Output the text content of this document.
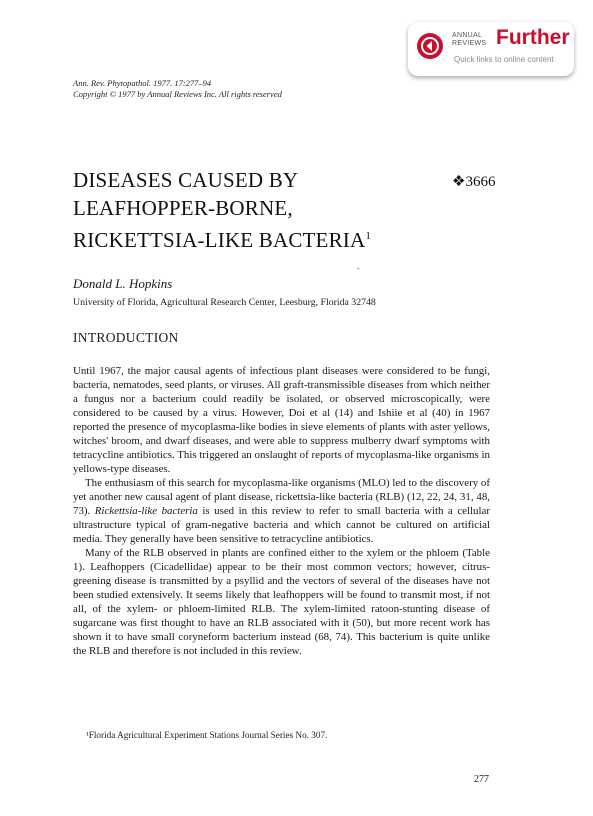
ANNUAL
REVIEWS Further
Quick links to online content
Ann. Rev. Phytopathol. 1977. 17:277–94
Copyright © 1977 by Annual Reviews Inc. All rights reserved
DISEASES CAUSED BY
LEAFHOPPER-BORNE,
RICKETTSIA-LIKE BACTERIA$^1$
❖3666
-
Donald L. Hopkins
University of Florida, Agricultural Research Center, Leesburg, Florida 32748
INTRODUCTION

Until 1967, the major causal agents of infectious plant diseases were considered to be fungi, bacteria, nematodes, seed plants, or viruses. All graft-transmissible diseases from which neither a fungus nor a bacterium could readily be isolated, or observed microscopically, were considered to be caused by a virus. However, Doi et al (14) and Ishiie et al (40) in 1967 reported the presence of mycoplasma-like bodies in sieve elements of plants with aster yellows, witches' broom, and dwarf diseases, and were able to suppress mulberry dwarf symptoms with tetracycline antibiotics. This triggered an onslaught of reports of mycoplasma-like organisms in yellows-type diseases.

The enthusiasm of this search for mycoplasma-like organisms (MLO) led to the discovery of yet another new causal agent of plant disease, rickettsia-like bacteria (RLB) (12, 22, 24, 31, 48, 73). Rickettsia-like bacteria is used in this review to refer to small bacteria with a cellular ultrastructure typical of gram-negative bacteria and which cannot be cultured on artificial media. They generally have been sensitive to tetracycline antibiotics.

Many of the RLB observed in plants are confined either to the xylem or the phloem (Table 1). Leafhoppers (Cicadellidae) appear to be their most common vectors; however, citrus-greening disease is transmitted by a psyllid and the vectors of several of the diseases have not been studied extensively. It seems likely that leafhoppers will be found to transmit most, if not all, of the xylem- or phloem-limited RLB. The xylem-limited ratoon-stunting disease of sugarcane was first thought to have an RLB associated with it (50), but more recent work has shown it to have small coryneform bacterium instead (68, 74). This bacterium is quite unlike the RLB and therefore is not included in this review.

¹Florida Agricultural Experiment Stations Journal Series No. 307.
277
